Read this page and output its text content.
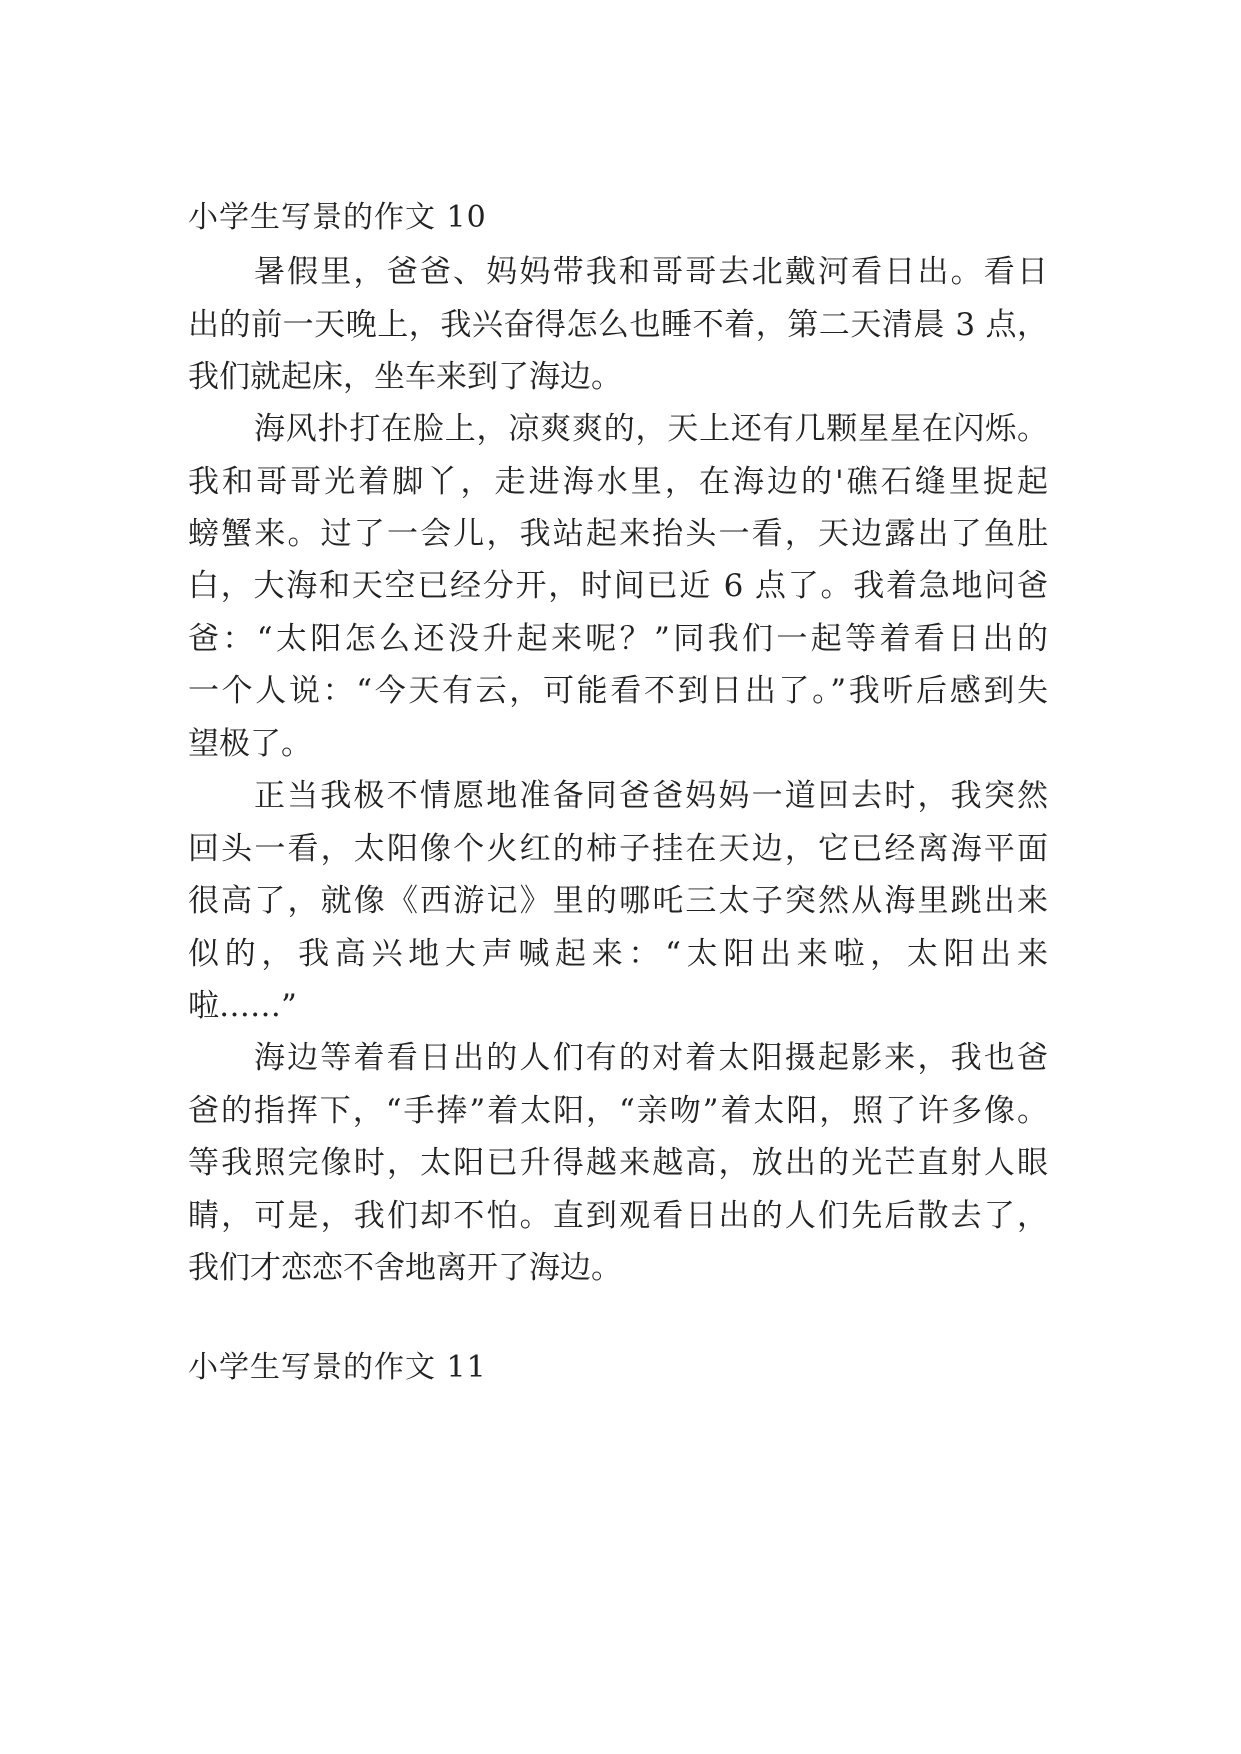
小学生写景的作文 10
暑假里，爸爸、妈妈带我和哥哥去北戴河看日出。看日
出的前一天晚上，我兴奋得怎么也睡不着，第二天清晨 3 点，
我们就起床，坐车来到了海边。
海风扑打在脸上，凉爽爽的，天上还有几颗星星在闪烁。
我和哥哥光着脚丫，走进海水里，在海边的'礁石缝里捉起
螃蟹来。过了一会儿，我站起来抬头一看，天边露出了鱼肚
白，大海和天空已经分开，时间已近 6 点了。我着急地问爸
爸：“太阳怎么还没升起来呢？”同我们一起等着看日出的
一个人说：“今天有云，可能看不到日出了。”我听后感到失
望极了。
正当我极不情愿地准备同爸爸妈妈一道回去时，我突然
回头一看，太阳像个火红的柿子挂在天边，它已经离海平面
很高了，就像《西游记》里的哪吒三太子突然从海里跳出来
似的，我高兴地大声喊起来：“太阳出来啦，太阳出来
啦……”
海边等着看日出的人们有的对着太阳摄起影来，我也爸
爸的指挥下，“手捧”着太阳，“亲吻”着太阳，照了许多像。
等我照完像时，太阳已升得越来越高，放出的光芒直射人眼
睛，可是，我们却不怕。直到观看日出的人们先后散去了，
我们才恋恋不舍地离开了海边。
小学生写景的作文 11
